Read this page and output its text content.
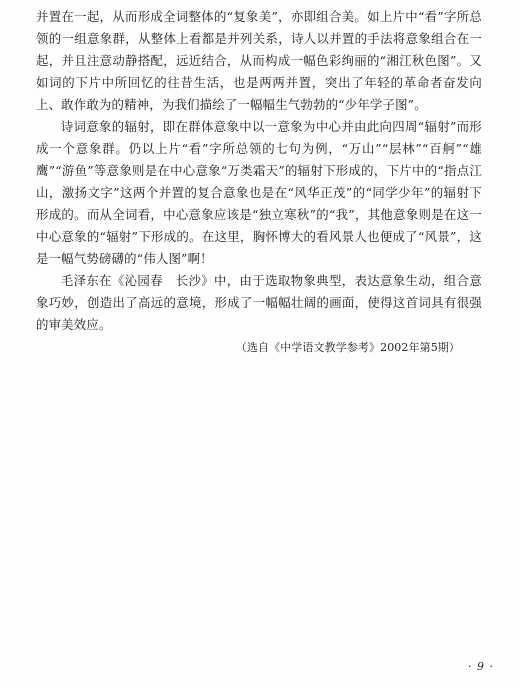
并置在一起，从而形成全词整体的“复象美”，亦即组合美。如上片中“看”字所总领的一组意象群，从整体上看都是并列关系，诗人以并置的手法将意象组合在一起，并且注意动静搭配，远近结合，从而构成一幅色彩绚丽的“湘江秋色图”。又如词的下片中所回忆的往昔生活，也是两两并置，突出了年轻的革命者奋发向上、敢作敢为的精神，为我们描绘了一幅幅生气勃勃的“少年学子图”。

诗词意象的辐射，即在群体意象中以一意象为中心并由此向四周“辐射”而形成一个意象群。仍以上片“看”字所总领的七句为例，“万山”“层林”“百舸”“雄鹰”“游鱼”等意象则是在中心意象“万类霜天”的辐射下形成的，下片中的“指点江山，激扬文字”这两个并置的复合意象也是在“风华正茂”的“同学少年”的辐射下形成的。而从全词看，中心意象应该是“独立寒秋”的“我”，其他意象则是在这一中心意象的“辐射”下形成的。在这里，胸怀博大的看风景人也便成了“风景”，这是一幅气势磅礴的“伟人图”啊！

毛泽东在《沁园春　长沙》中，由于选取物象典型，表达意象生动，组合意象巧妙，创造出了高远的意境，形成了一幅幅壮阔的画面，使得这首词具有很强的审美效应。

（选自《中学语文教学参考》2002年第5期）

· 9 ·
